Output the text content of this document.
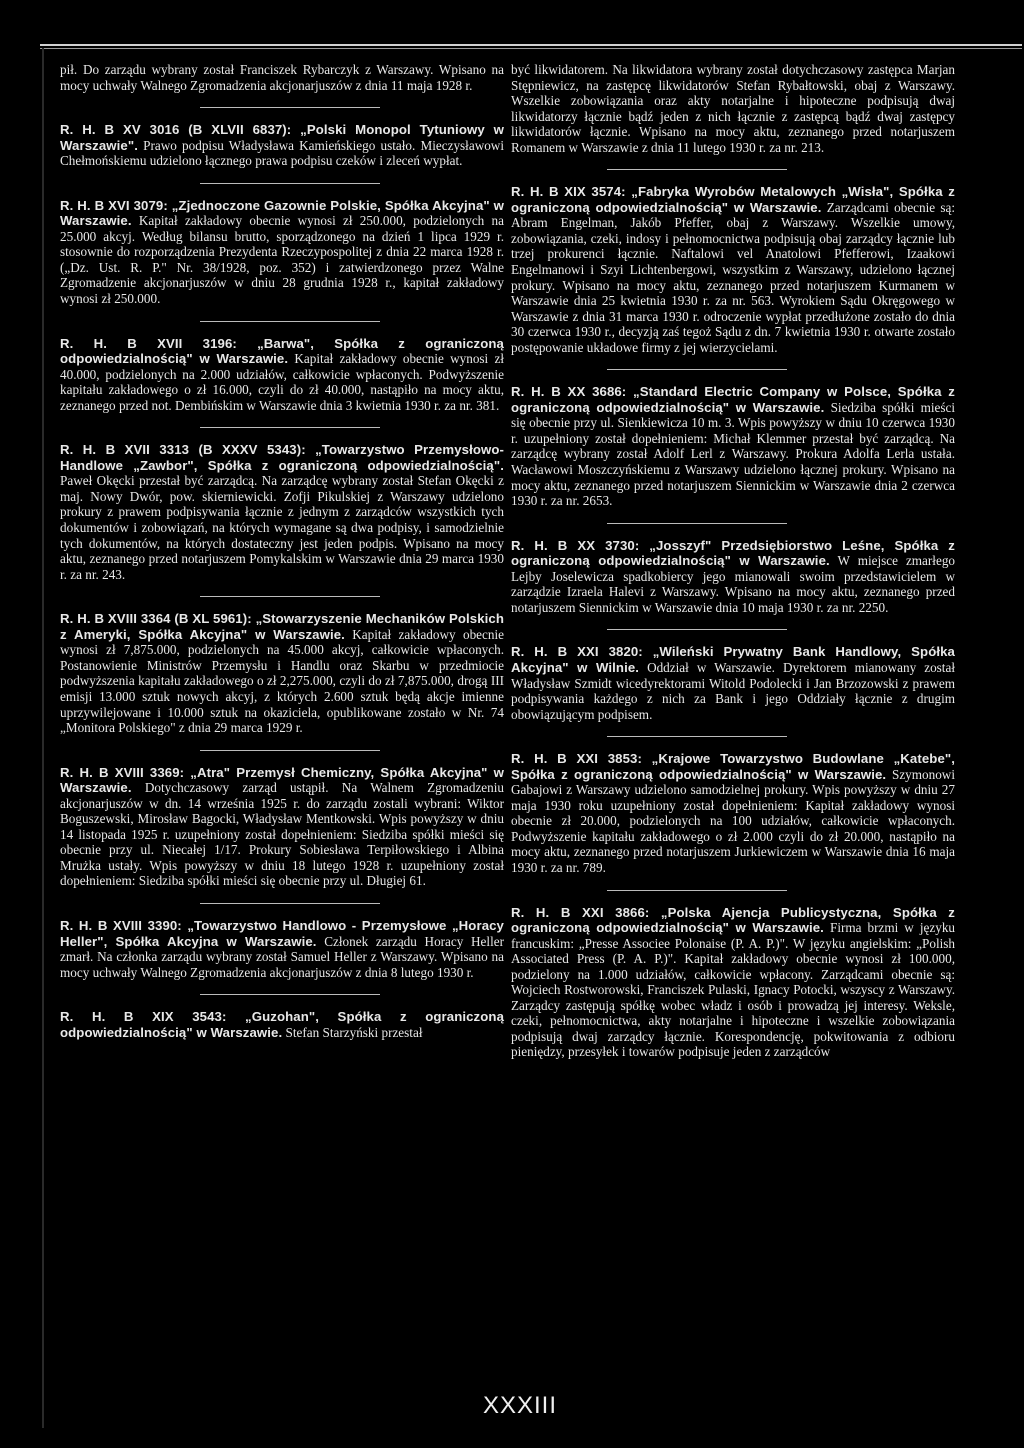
pił. Do zarządu wybrany został Franciszek Rybarczyk z Warszawy. Wpisano na mocy uchwały Walnego Zgromadzenia akcjonarjuszów z dnia 11 maja 1928 r.

R. H. B XV 3016 (B XLVII 6837): „Polski Monopol Tytuniowy w Warszawie". Prawo podpisu Władysława Kamieńskiego ustało. Mieczysławowi Chełmońskiemu udzielono łącznego prawa podpisu czeków i zleceń wypłat.

R. H. B XVI 3079: „Zjednoczone Gazownie Polskie, Spółka Akcyjna" w Warszawie. Kapitał zakładowy obecnie wynosi zł 250.000, podzielonych na 25.000 akcyj. Według bilansu brutto, sporządzonego na dzień 1 lipca 1929 r. stosownie do rozporządzenia Prezydenta Rzeczypospolitej z dnia 22 marca 1928 r. („Dz. Ust. R. P." Nr. 38/1928, poz. 352) i zatwierdzonego przez Walne Zgromadzenie akcjonarjuszów w dniu 28 grudnia 1928 r., kapitał zakładowy wynosi zł 250.000.

R. H. B XVII 3196: „Barwa", Spółka z ograniczoną odpowiedzialnością" w Warszawie. Kapitał zakładowy obecnie wynosi zł 40.000, podzielonych na 2.000 udziałów, całkowicie wpłaconych. Podwyższenie kapitału zakładowego o zł 16.000, czyli do zł 40.000, nastąpiło na mocy aktu, zeznanego przed not. Dembińskim w Warszawie dnia 3 kwietnia 1930 r. za nr. 381.

R. H. B XVII 3313 (B XXXV 5343): „Towarzystwo Przemysłowo-Handlowe „Zawbor", Spółka z ograniczoną odpowiedzialnością". Paweł Okęcki przestał być zarządcą. Na zarządcę wybrany został Stefan Okęcki z maj. Nowy Dwór, pow. skierniewicki. Zofji Pikulskiej z Warszawy udzielono prokury z prawem podpisywania łącznie z jednym z zarządców wszystkich tych dokumentów i zobowiązań, na których wymagane są dwa podpisy, i samodzielnie tych dokumentów, na których dostateczny jest jeden podpis. Wpisano na mocy aktu, zeznanego przed notarjuszem Pomykalskim w Warszawie dnia 29 marca 1930 r. za nr. 243.

R. H. B XVIII 3364 (B XL 5961): „Stowarzyszenie Mechaników Polskich z Ameryki, Spółka Akcyjna" w Warszawie. Kapitał zakładowy obecnie wynosi zł 7,875.000, podzielonych na 45.000 akcyj, całkowicie wpłaconych. Postanowienie Ministrów Przemysłu i Handlu oraz Skarbu w przedmiocie podwyższenia kapitału zakładowego o zł 2,275.000, czyli do zł 7,875.000, drogą III emisji 13.000 sztuk nowych akcyj, z których 2.600 sztuk będą akcje imienne uprzywilejowane i 10.000 sztuk na okaziciela, opublikowane zostało w Nr. 74 „Monitora Polskiego" z dnia 29 marca 1929 r.

R. H. B XVIII 3369: „Atra" Przemysł Chemiczny, Spółka Akcyjna" w Warszawie. Dotychczasowy zarząd ustąpił. Na Walnem Zgromadzeniu akcjonarjuszów w dn. 14 września 1925 r. do zarządu zostali wybrani: Wiktor Boguszewski, Mirosław Bagocki, Władysław Mentkowski. Wpis powyższy w dniu 14 listopada 1925 r. uzupełniony został dopełnieniem: Siedziba spółki mieści się obecnie przy ul. Niecałej 1/17. Prokury Sobiesława Terpiłowskiego i Albina Mrużka ustały. Wpis powyższy w dniu 18 lutego 1928 r. uzupełniony został dopełnieniem: Siedziba spółki mieści się obecnie przy ul. Długiej 61.

R. H. B XVIII 3390: „Towarzystwo Handlowo - Przemysłowe „Horacy Heller", Spółka Akcyjna w Warszawie. Członek zarządu Horacy Heller zmarł. Na członka zarządu wybrany został Samuel Heller z Warszawy. Wpisano na mocy uchwały Walnego Zgromadzenia akcjonarjuszów z dnia 8 lutego 1930 r.

R. H. B XIX 3543: „Guzohan", Spółka z ograniczoną odpowiedzialnością" w Warszawie. Stefan Starzyński przestał

być likwidatorem. Na likwidatora wybrany został dotychczasowy zastępca Marjan Stępniewicz, na zastępcę likwidatorów Stefan Rybałtowski, obaj z Warszawy. Wszelkie zobowiązania oraz akty notarjalne i hipoteczne podpisują dwaj likwidatorzy łącznie bądź jeden z nich łącznie z zastępcą bądź dwaj zastępcy likwidatorów łącznie. Wpisano na mocy aktu, zeznanego przed notarjuszem Romanem w Warszawie z dnia 11 lutego 1930 r. za nr. 213.

R. H. B XIX 3574: „Fabryka Wyrobów Metalowych „Wisła", Spółka z ograniczoną odpowiedzialnością" w Warszawie. Zarządcami obecnie są: Abram Engelman, Jakób Pfeffer, obaj z Warszawy. Wszelkie umowy, zobowiązania, czeki, indosy i pełnomocnictwa podpisują obaj zarządcy łącznie lub trzej prokurenci łącznie. Naftalowi vel Anatolowi Pfefferowi, Izaakowi Engelmanowi i Szyi Lichtenbergowi, wszystkim z Warszawy, udzielono łącznej prokury. Wpisano na mocy aktu, zeznanego przed notarjuszem Kurmanem w Warszawie dnia 25 kwietnia 1930 r. za nr. 563. Wyrokiem Sądu Okręgowego w Warszawie z dnia 31 marca 1930 r. odroczenie wypłat przedłużone zostało do dnia 30 czerwca 1930 r., decyzją zaś tegoż Sądu z dn. 7 kwietnia 1930 r. otwarte zostało postępowanie układowe firmy z jej wierzycielami.

R. H. B XX 3686: „Standard Electric Company w Polsce, Spółka z ograniczoną odpowiedzialnością" w Warszawie. Siedziba spółki mieści się obecnie przy ul. Sienkiewicza 10 m. 3. Wpis powyższy w dniu 10 czerwca 1930 r. uzupełniony został dopełnieniem: Michał Klemmer przestał być zarządcą. Na zarządcę wybrany został Adolf Lerl z Warszawy. Prokura Adolfa Lerla ustała. Wacławowi Moszczyńskiemu z Warszawy udzielono łącznej prokury. Wpisano na mocy aktu, zeznanego przed notarjuszem Siennickim w Warszawie dnia 2 czerwca 1930 r. za nr. 2653.

R. H. B XX 3730: „Josszyf" Przedsiębiorstwo Leśne, Spółka z ograniczoną odpowiedzialnością" w Warszawie. W miejsce zmarłego Lejby Joselewicza spadkobiercy jego mianowali swoim przedstawicielem w zarządzie Izraela Halevi z Warszawy. Wpisano na mocy aktu, zeznanego przed notarjuszem Siennickim w Warszawie dnia 10 maja 1930 r. za nr. 2250.

R. H. B XXI 3820: „Wileński Prywatny Bank Handlowy, Spółka Akcyjna" w Wilnie. Oddział w Warszawie. Dyrektorem mianowany został Władysław Szmidt wicedyrektorami Witold Podolecki i Jan Brzozowski z prawem podpisywania każdego z nich za Bank i jego Oddziały łącznie z drugim obowiązującym podpisem.

R. H. B XXI 3853: „Krajowe Towarzystwo Budowlane „Katebe", Spółka z ograniczoną odpowiedzialnością" w Warszawie. Szymonowi Gabajowi z Warszawy udzielono samodzielnej prokury. Wpis powyższy w dniu 27 maja 1930 roku uzupełniony został dopełnieniem: Kapitał zakładowy wynosi obecnie zł 20.000, podzielonych na 100 udziałów, całkowicie wpłaconych. Podwyższenie kapitału zakładowego o zł 2.000 czyli do zł 20.000, nastąpiło na mocy aktu, zeznanego przed notarjuszem Jurkiewiczem w Warszawie dnia 16 maja 1930 r. za nr. 789.

R. H. B XXI 3866: „Polska Ajencja Publicystyczna, Spółka z ograniczoną odpowiedzialnością" w Warszawie. Firma brzmi w języku francuskim: „Presse Associee Polonaise (P. A. P.)". W języku angielskim: „Polish Associated Press (P. A. P.)". Kapitał zakładowy obecnie wynosi zł 100.000, podzielony na 1.000 udziałów, całkowicie wpłacony. Zarządcami obecnie są: Wojciech Rostworowski, Franciszek Pulaski, Ignacy Potocki, wszyscy z Warszawy. Zarządcy zastępują spółkę wobec władz i osób i prowadzą jej interesy. Weksle, czeki, pełnomocnictwa, akty notarjalne i hipoteczne i wszelkie zobowiązania podpisują dwaj zarządcy łącznie. Korespondencję, pokwitowania z odbioru pieniędzy, przesyłek i towarów podpisuje jeden z zarządców

XXXIII
